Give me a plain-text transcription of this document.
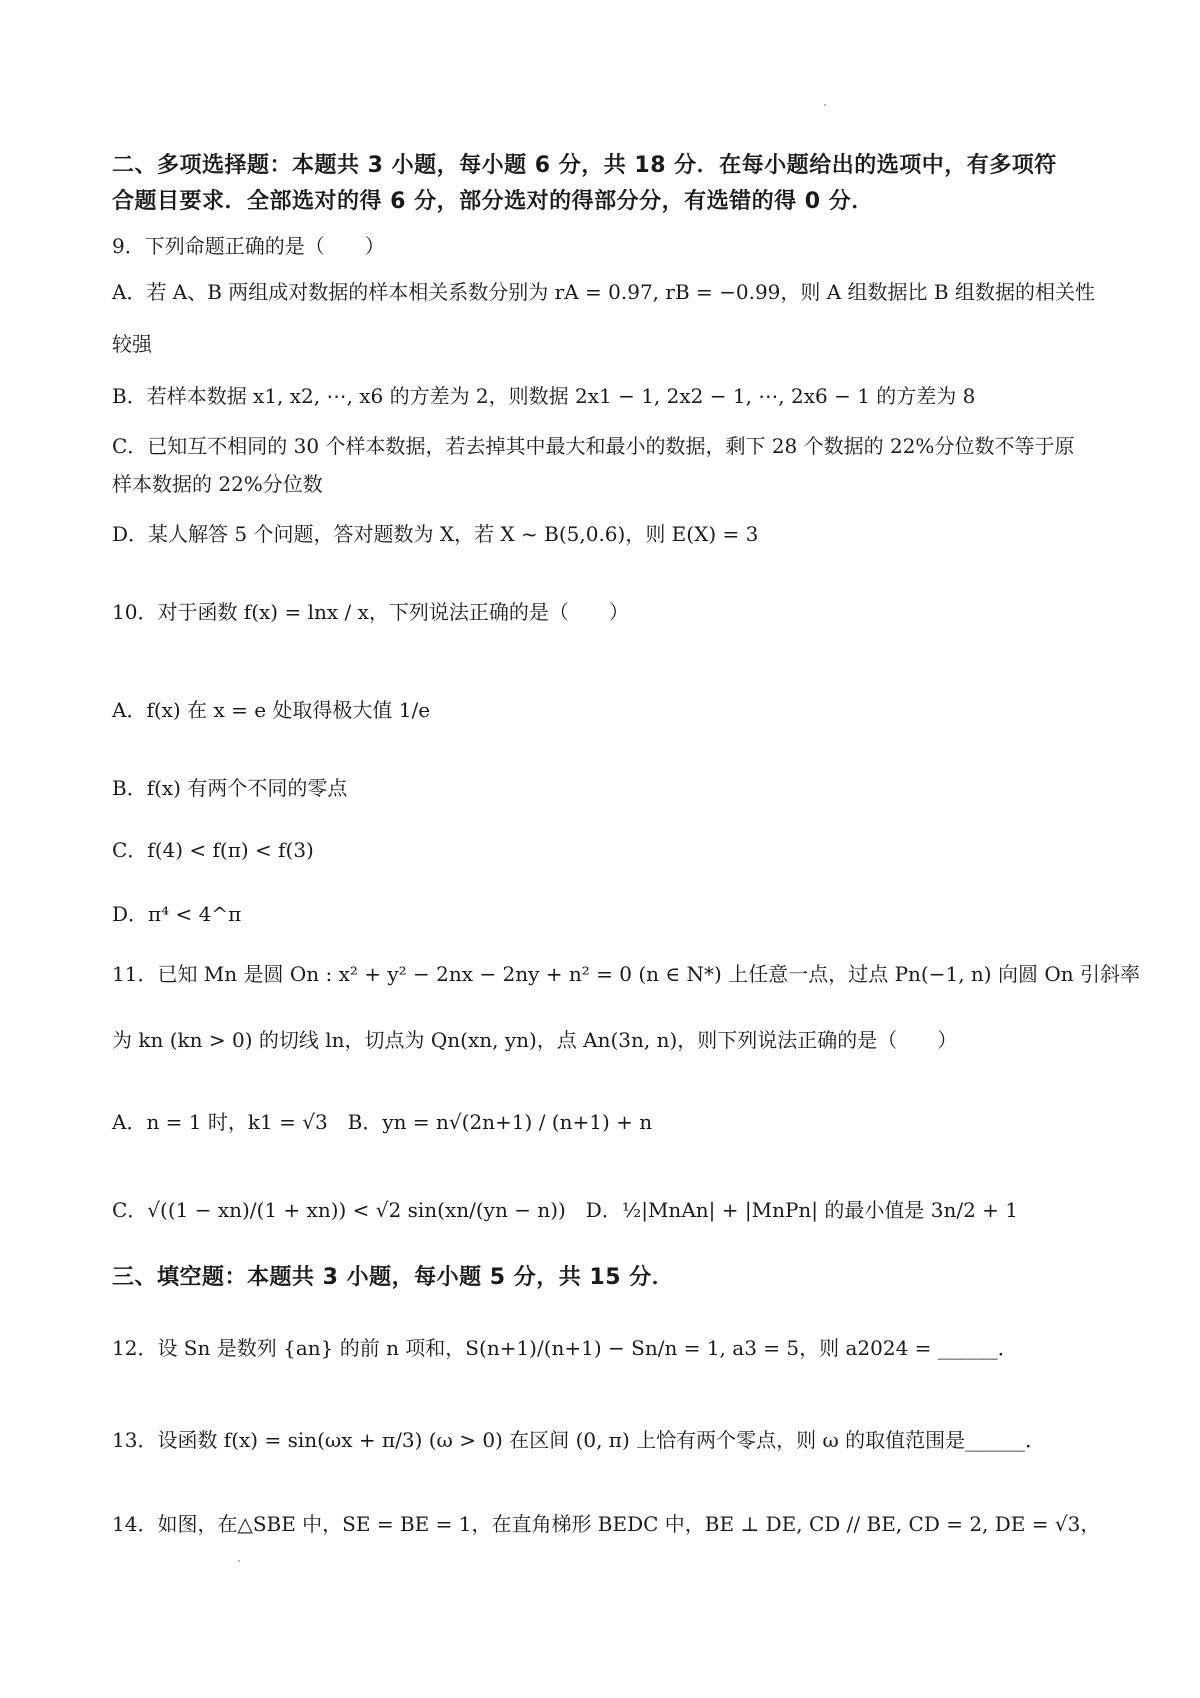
二、多项选择题：本题共 3 小题，每小题 6 分，共 18 分．在每小题给出的选项中，有多项符
合题目要求．全部选对的得 6 分，部分选对的得部分分，有选错的得 0 分．
9．下列命题正确的是（　　）
A．若 A、B 两组成对数据的样本相关系数分别为 rA = 0.97, rB = −0.99，则 A 组数据比 B 组数据的相关性
较强
B．若样本数据 x1, x2, ⋯, x6 的方差为 2，则数据 2x1 − 1, 2x2 − 1, ⋯, 2x6 − 1 的方差为 8
C．已知互不相同的 30 个样本数据，若去掉其中最大和最小的数据，剩下 28 个数据的 22%分位数不等于原
样本数据的 22%分位数
D．某人解答 5 个问题，答对题数为 X，若 X ~ B(5,0.6)，则 E(X) = 3
10．对于函数 f(x) = lnx / x，下列说法正确的是（　　）
A．f(x) 在 x = e 处取得极大值 1/e
B．f(x) 有两个不同的零点
C．f(4) < f(π) < f(3)
D．π⁴ < 4^π
11．已知 Mn 是圆 On : x² + y² − 2nx − 2ny + n² = 0 (n ∈ N*) 上任意一点，过点 Pn(−1, n) 向圆 On 引斜率
为 kn (kn > 0) 的切线 ln，切点为 Qn(xn, yn)，点 An(3n, n)，则下列说法正确的是（　　）
A．n = 1 时，k1 = √3　B．yn = n√(2n+1) / (n+1) + n
C．√((1 − xn)/(1 + xn)) < √2 sin(xn/(yn − n))　D．½|MnAn| + |MnPn| 的最小值是 3n/2 + 1
三、填空题：本题共 3 小题，每小题 5 分，共 15 分．
12．设 Sn 是数列 {an} 的前 n 项和，S(n+1)/(n+1) − Sn/n = 1, a3 = 5，则 a2024 = ______．
13．设函数 f(x) = sin(ωx + π/3) (ω > 0) 在区间 (0, π) 上恰有两个零点，则 ω 的取值范围是______．
14．如图，在△SBE 中，SE = BE = 1，在直角梯形 BEDC 中，BE ⊥ DE, CD // BE, CD = 2, DE = √3，
